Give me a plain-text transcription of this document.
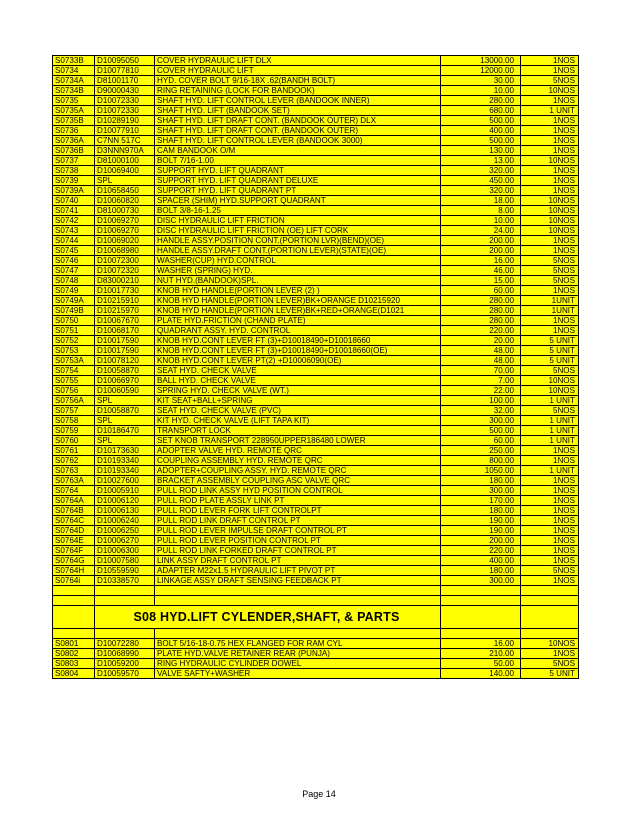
S0733B	D10095050	COVER HYDRAULIC LIFT DLX	13000.00	1NOS
S0734	D10077810	COVER HYDRAULIC LIFT	12000.00	1NOS
S0734A	D81001170	HYD. COVER BOLT 9/16-18X .62(BANDH BOLT)	30.00	5NOS
S0734B	D90000430	RING RETAINING (LOCK FOR BANDOOK)	10.00	10NOS
S0735	D10072330	SHAFT HYD. LIFT CONTROL LEVER (BANDOOK INNER)	280.00	1NOS
S0735A	D10072330	SHAFT HYD. LIFT (BANDOOK SET)	680.00	1 UNIT
S0735B	D10289190	SHAFT HYD. LIFT DRAFT CONT. (BANDOOK OUTER) DLX	500.00	1NOS
S0736	D10077910	SHAFT HYD. LIFT DRAFT CONT. (BANDOOK OUTER)	400.00	1NOS
S0736A	C7NN 517C	SHAFT HYD. LIFT CONTROL LEVER (BANDOOK 3000)	500.00	1NOS
S0736B	D3NNN970A	CAM BANDOOK O/M	130.00	1NOS
S0737	D81000100	BOLT 7/16-1.00	13.00	10NOS
S0738	D10069400	SUPPORT HYD. LIFT QUADRANT	320.00	1NOS
S0739	SPL	SUPPORT HYD. LIFT QUADRANT DELUXE	450.00	1NOS
S0739A	D10658450	SUPPORT HYD. LIFT QUADRANT PT	320.00	1NOS
S0740	D10060820	SPACER (SHIM) HYD.SUPPORT QUADRANT	18.00	10NOS
S0741	D81000730	BOLT 3/8-16-1.25	8.00	10NOS
S0742	D10069270	DISC HYDRAULIC LIFT FRICTION	10.00	10NOS
S0743	D10069270	DISC HYDRAULIC LIFT FRICTION (OE) LIFT CORK	24.00	10NOS
S0744	D10069020	HANDLE ASSY.POSITION CONT.(PORTION LVR)(BEND)(OE)	200.00	1NOS
S0745	D10068980	HANDLE ASSY.DRAFT CONT.(PORTION LEVER)(STATE)(OE)	200.00	1NOS
S0746	D10072300	WASHER(CUP) HYD.CONTROL	16.00	5NOS
S0747	D10072320	WASHER (SPRING) HYD.	46.00	5NOS
S0748	D83000210	NUT HYD.(BANDOOK)SPL.	15.00	5NOS
S0749	D10017730	KNOB HYD HANDLE(PORTION LEVER (2) )	60.00	1NOS
S0749A	D10215910	KNOB HYD HANDLE(PORTION LEVER)BK+ORANGE D10215920	280.00	1UNIT
S0749B	D10215970	KNOB HYD HANDLE(PORTION LEVER)BK+RED+ORANGE(D1021	280.00	1UNIT
S0750	D10067670	PLATE HYD.FRICTION (CHAND PLATE)	280.00	1NOS
S0751	D10068170	QUADRANT ASSY. HYD. CONTROL	220.00	1NOS
S0752	D10017590	KNOB HYD.CONT LEVER FT (3)+D10018490+D10018660	20.00	5 UNIT
S0753	D10017590	KNOB HYD.CONT LEVER FT (3)+D10018490+D10018660(OE)	48.00	5 UNIT
S0753A	D10078120	KNOB HYD.CONT LEVER PT(2) +D10006090(OE)	48.00	5 UNIT
S0754	D10058870	SEAT HYD. CHECK VALVE	70.00	5NOS
S0755	D10066970	BALL HYD. CHECK VALVE	7.00	10NOS
S0756	D10060590	SPRING HYD. CHECK VALVE (WT.)	22.00	10NOS
S0756A	SPL	KIT SEAT+BALL+SPRING	100.00	1 UNIT
S0757	D10058870	SEAT HYD. CHECK VALVE (PVC)	32.00	5NOS
S0758	SPL	KIT HYD. CHECK VALVE (LIFT TAPA KIT)	300.00	1 UNIT
S0759	D10186470	TRANSPORT LOCK	500.00	1 UNIT
S0760	SPL	SET KNOB TRANSPORT 228950UPPER186480 LOWER	60.00	1 UNIT
S0761	D10173630	ADOPTER VALVE HYD. REMOTE QRC	250.00	1NOS
S0762	D10193340	COUPLING ASSEMBLY HYD. REMOTE QRC	800.00	1NOS
S0763	D10193340	ADOPTER+COUPLING ASSY. HYD. REMOTE QRC	1050.00	1 UNIT
S0763A	D10027600	BRACKET ASSEMBLY COUPLING ASC VALVE QRC	180.00	1NOS
S0764	D10005910	PULL ROD LINK ASSY HYD POSITION CONTROL	300.00	1NOS
S0764A	D10006120	PULL ROD PLATE ASSLY LINK PT	170.00	1NOS
S0764B	D10006130	PULL ROD LEVER FORK LIFT CONTROLPT	180.00	1NOS
S0764C	D10006240	PULL ROD LINK DRAFT CONTROL PT	190.00	1NOS
S0764D	D10006250	PULL ROD LEVER IMPULSE DRAFT CONTROL PT	190.00	1NOS
S0764E	D10006270	PULL ROD LEVER POSITION CONTROL PT	200.00	1NOS
S0764F	D10006300	PULL ROD LINK FORKED DRAFT CONTROL PT	220.00	1NOS
S0764G	D10007580	LINK ASSY DRAFT CONTROL PT	400.00	1NOS
S0764H	D10559590	ADAPTER M22x1.5 HYDRAULIC LIFT PIVOT PT	180.00	5NOS
S0764i	D10338570	LINKAGE ASSY DRAFT SENSING FEEDBACK PT	300.00	1NOS

	S08 HYD.LIFT CYLENDER,SHAFT, & PARTS			

S0801	D10072280	BOLT 5/16-18-0.75 HEX FLANGED FOR RAM CYL	16.00	10NOS
S0802	D10068990	PLATE HYD.VALVE RETAINER REAR (PUNJA)	210.00	1NOS
S0803	D10059200	RING HYDRAULIC CYLINDER DOWEL	50.00	5NOS
S0804	D10059570	VALVE SAFTY+WASHER	140.00	5 UNIT
Page 14
